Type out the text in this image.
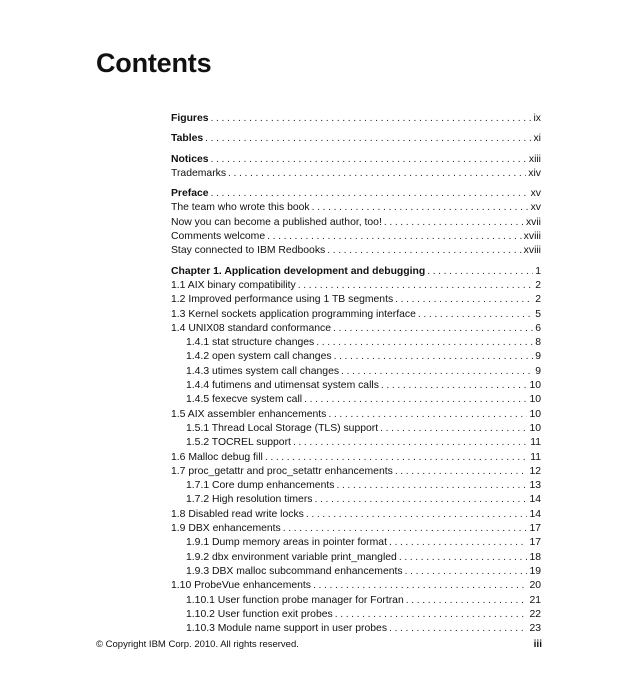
Contents
Figures .....	ix
Tables .....	xi
Notices .....	xiii
Trademarks .....	xiv
Preface .....	xv
The team who wrote this book .....	xv
Now you can become a published author, too! .....	xvii
Comments welcome .....	xviii
Stay connected to IBM Redbooks .....	xviii
Chapter 1. Application development and debugging .....	1
1.1 AIX binary compatibility .....	2
1.2 Improved performance using 1 TB segments .....	2
1.3 Kernel sockets application programming interface .....	5
1.4 UNIX08 standard conformance .....	6
1.4.1 stat structure changes .....	8
1.4.2 open system call changes .....	9
1.4.3 utimes system call changes .....	9
1.4.4 futimens and utimensat system calls .....	10
1.4.5 fexecve system call .....	10
1.5 AIX assembler enhancements .....	10
1.5.1 Thread Local Storage (TLS) support .....	10
1.5.2 TOCREL support .....	11
1.6 Malloc debug fill .....	11
1.7 proc_getattr and proc_setattr enhancements .....	12
1.7.1 Core dump enhancements .....	13
1.7.2 High resolution timers .....	14
1.8 Disabled read write locks .....	14
1.9 DBX enhancements .....	17
1.9.1 Dump memory areas in pointer format .....	17
1.9.2 dbx environment variable print_mangled .....	18
1.9.3 DBX malloc subcommand enhancements .....	19
1.10 ProbeVue enhancements .....	20
1.10.1 User function probe manager for Fortran .....	21
1.10.2 User function exit probes .....	22
1.10.3 Module name support in user probes .....	23
© Copyright IBM Corp. 2010. All rights reserved.	iii
